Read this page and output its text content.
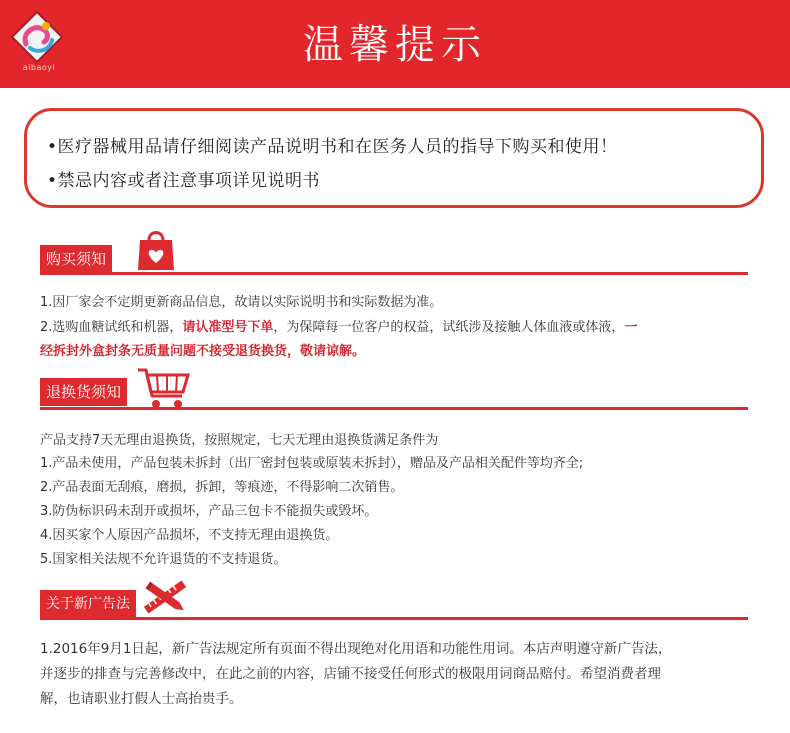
aibaoyi	温馨提示
•医疗器械用品请仔细阅读产品说明书和在医务人员的指导下购买和使用！
•禁忌内容或者注意事项详见说明书
购买须知
1.因厂家会不定期更新商品信息，故请以实际说明书和实际数据为准。
2.选购血糖试纸和机器，请认准型号下单，为保障每一位客户的权益，试纸涉及接触人体血液或体液，一
经拆封外盒封条无质量问题不接受退货换货，敬请谅解。
退换货须知
产品支持7天无理由退换货，按照规定，七天无理由退换货满足条件为
1.产品未使用，产品包装未拆封（出厂密封包装或原装未拆封），赠品及产品相关配件等均齐全;
2.产品表面无刮痕，磨损，拆卸，等痕迹，不得影响二次销售。
3.防伪标识码未刮开或损坏，产品三包卡不能损失或毁坏。
4.因买家个人原因产品损坏，不支持无理由退换货。
5.国家相关法规不允许退货的不支持退货。
关于新广告法
1.2016年9月1日起，新广告法规定所有页面不得出现绝对化用语和功能性用词。本店声明遵守新广告法，
并逐步的排查与完善修改中，在此之前的内容，店铺不接受任何形式的极限用词商品赔付。希望消费者理
解，也请职业打假人士高抬贵手。
